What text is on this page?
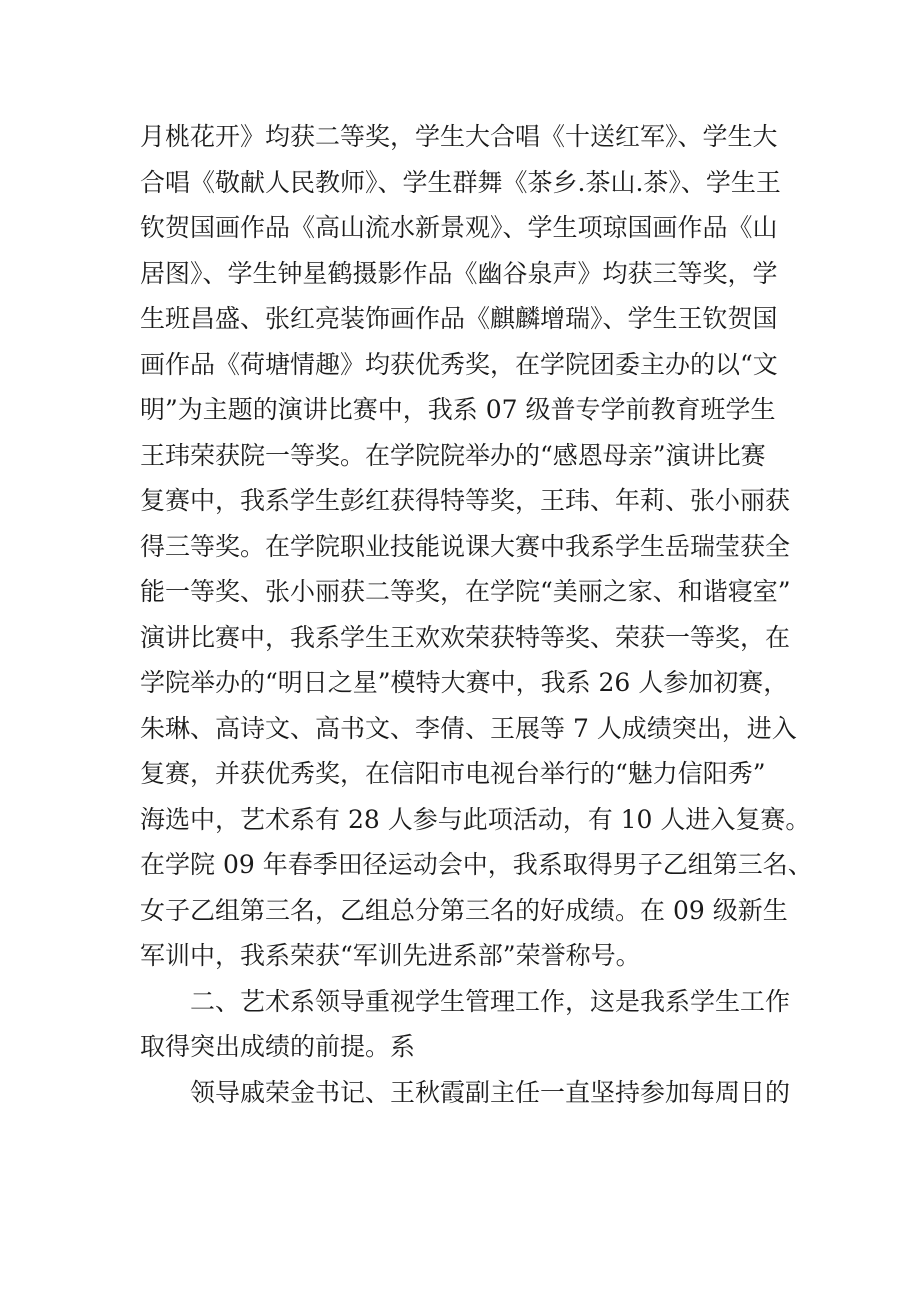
月桃花开》均获二等奖，学生大合唱《十送红军》、学生大
合唱《敬献人民教师》、学生群舞《茶乡.茶山.茶》、学生王
钦贺国画作品《高山流水新景观》、学生项琼国画作品《山
居图》、学生钟星鹤摄影作品《幽谷泉声》均获三等奖，学
生班昌盛、张红亮装饰画作品《麒麟增瑞》、学生王钦贺国
画作品《荷塘情趣》均获优秀奖，在学院团委主办的以“文
明”为主题的演讲比赛中，我系 07 级普专学前教育班学生
王玮荣获院一等奖。在学院院举办的“感恩母亲”演讲比赛
复赛中，我系学生彭红获得特等奖，王玮、年莉、张小丽获
得三等奖。在学院职业技能说课大赛中我系学生岳瑞莹获全
能一等奖、张小丽获二等奖，在学院“美丽之家、和谐寝室”
演讲比赛中，我系学生王欢欢荣获特等奖、荣获一等奖，在
学院举办的“明日之星”模特大赛中，我系 26 人参加初赛，
朱琳、高诗文、高书文、李倩、王展等 7 人成绩突出，进入
复赛，并获优秀奖，在信阳市电视台举行的“魅力信阳秀”
海选中，艺术系有 28 人参与此项活动，有 10 人进入复赛。
在学院 09 年春季田径运动会中，我系取得男子乙组第三名、
女子乙组第三名，乙组总分第三名的好成绩。在 09 级新生
军训中，我系荣获“军训先进系部”荣誉称号。
二、艺术系领导重视学生管理工作，这是我系学生工作
取得突出成绩的前提。系
领导戚荣金书记、王秋霞副主任一直坚持参加每周日的
